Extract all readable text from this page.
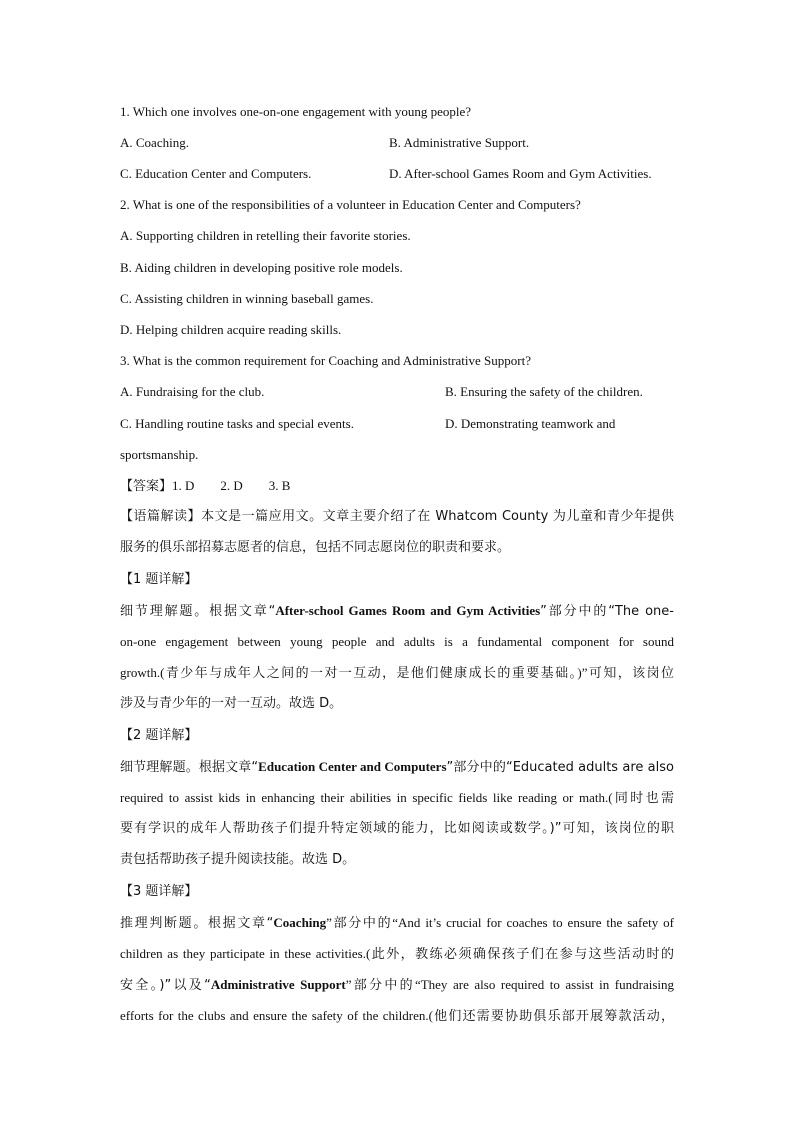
1. Which one involves one-on-one engagement with young people?
A. Coaching.	B. Administrative Support.
C. Education Center and Computers.	D. After-school Games Room and Gym Activities.
2. What is one of the responsibilities of a volunteer in Education Center and Computers?
A. Supporting children in retelling their favorite stories.
B. Aiding children in developing positive role models.
C. Assisting children in winning baseball games.
D. Helping children acquire reading skills.
3. What is the common requirement for Coaching and Administrative Support?
A. Fundraising for the club.	B. Ensuring the safety of the children.
C. Handling routine tasks and special events.	D. Demonstrating teamwork and
sportsmanship.
【答案】1. D        2. D        3. B
【语篇解读】本文是一篇应用文。文章主要介绍了在 Whatcom County 为儿童和青少年提供
服务的俱乐部招募志愿者的信息，包括不同志愿岗位的职责和要求。
【1 题详解】
细节理解题。根据文章“After-school Games Room and Gym Activities”部分中的“The one-
on-one engagement between young people and adults is a fundamental component for sound
growth.(青少年与成年人之间的一对一互动，是他们健康成长的重要基础。)”可知，该岗位
涉及与青少年的一对一互动。故选 D。
【2 题详解】
细节理解题。根据文章“Education Center and Computers”部分中的“Educated adults are also
required to assist kids in enhancing their abilities in specific fields like reading or math.(同时也需
要有学识的成年人帮助孩子们提升特定领域的能力，比如阅读或数学。)”可知，该岗位的职
责包括帮助孩子提升阅读技能。故选 D。
【3 题详解】
推理判断题。根据文章“Coaching”部分中的“And it’s crucial for coaches to ensure the safety of
children as they participate in these activities.(此外，教练必须确保孩子们在参与这些活动时的
安全。)”以及“Administrative Support”部分中的“They are also required to assist in fundraising
efforts for the clubs and ensure the safety of the children.(他们还需要协助俱乐部开展筹款活动，
